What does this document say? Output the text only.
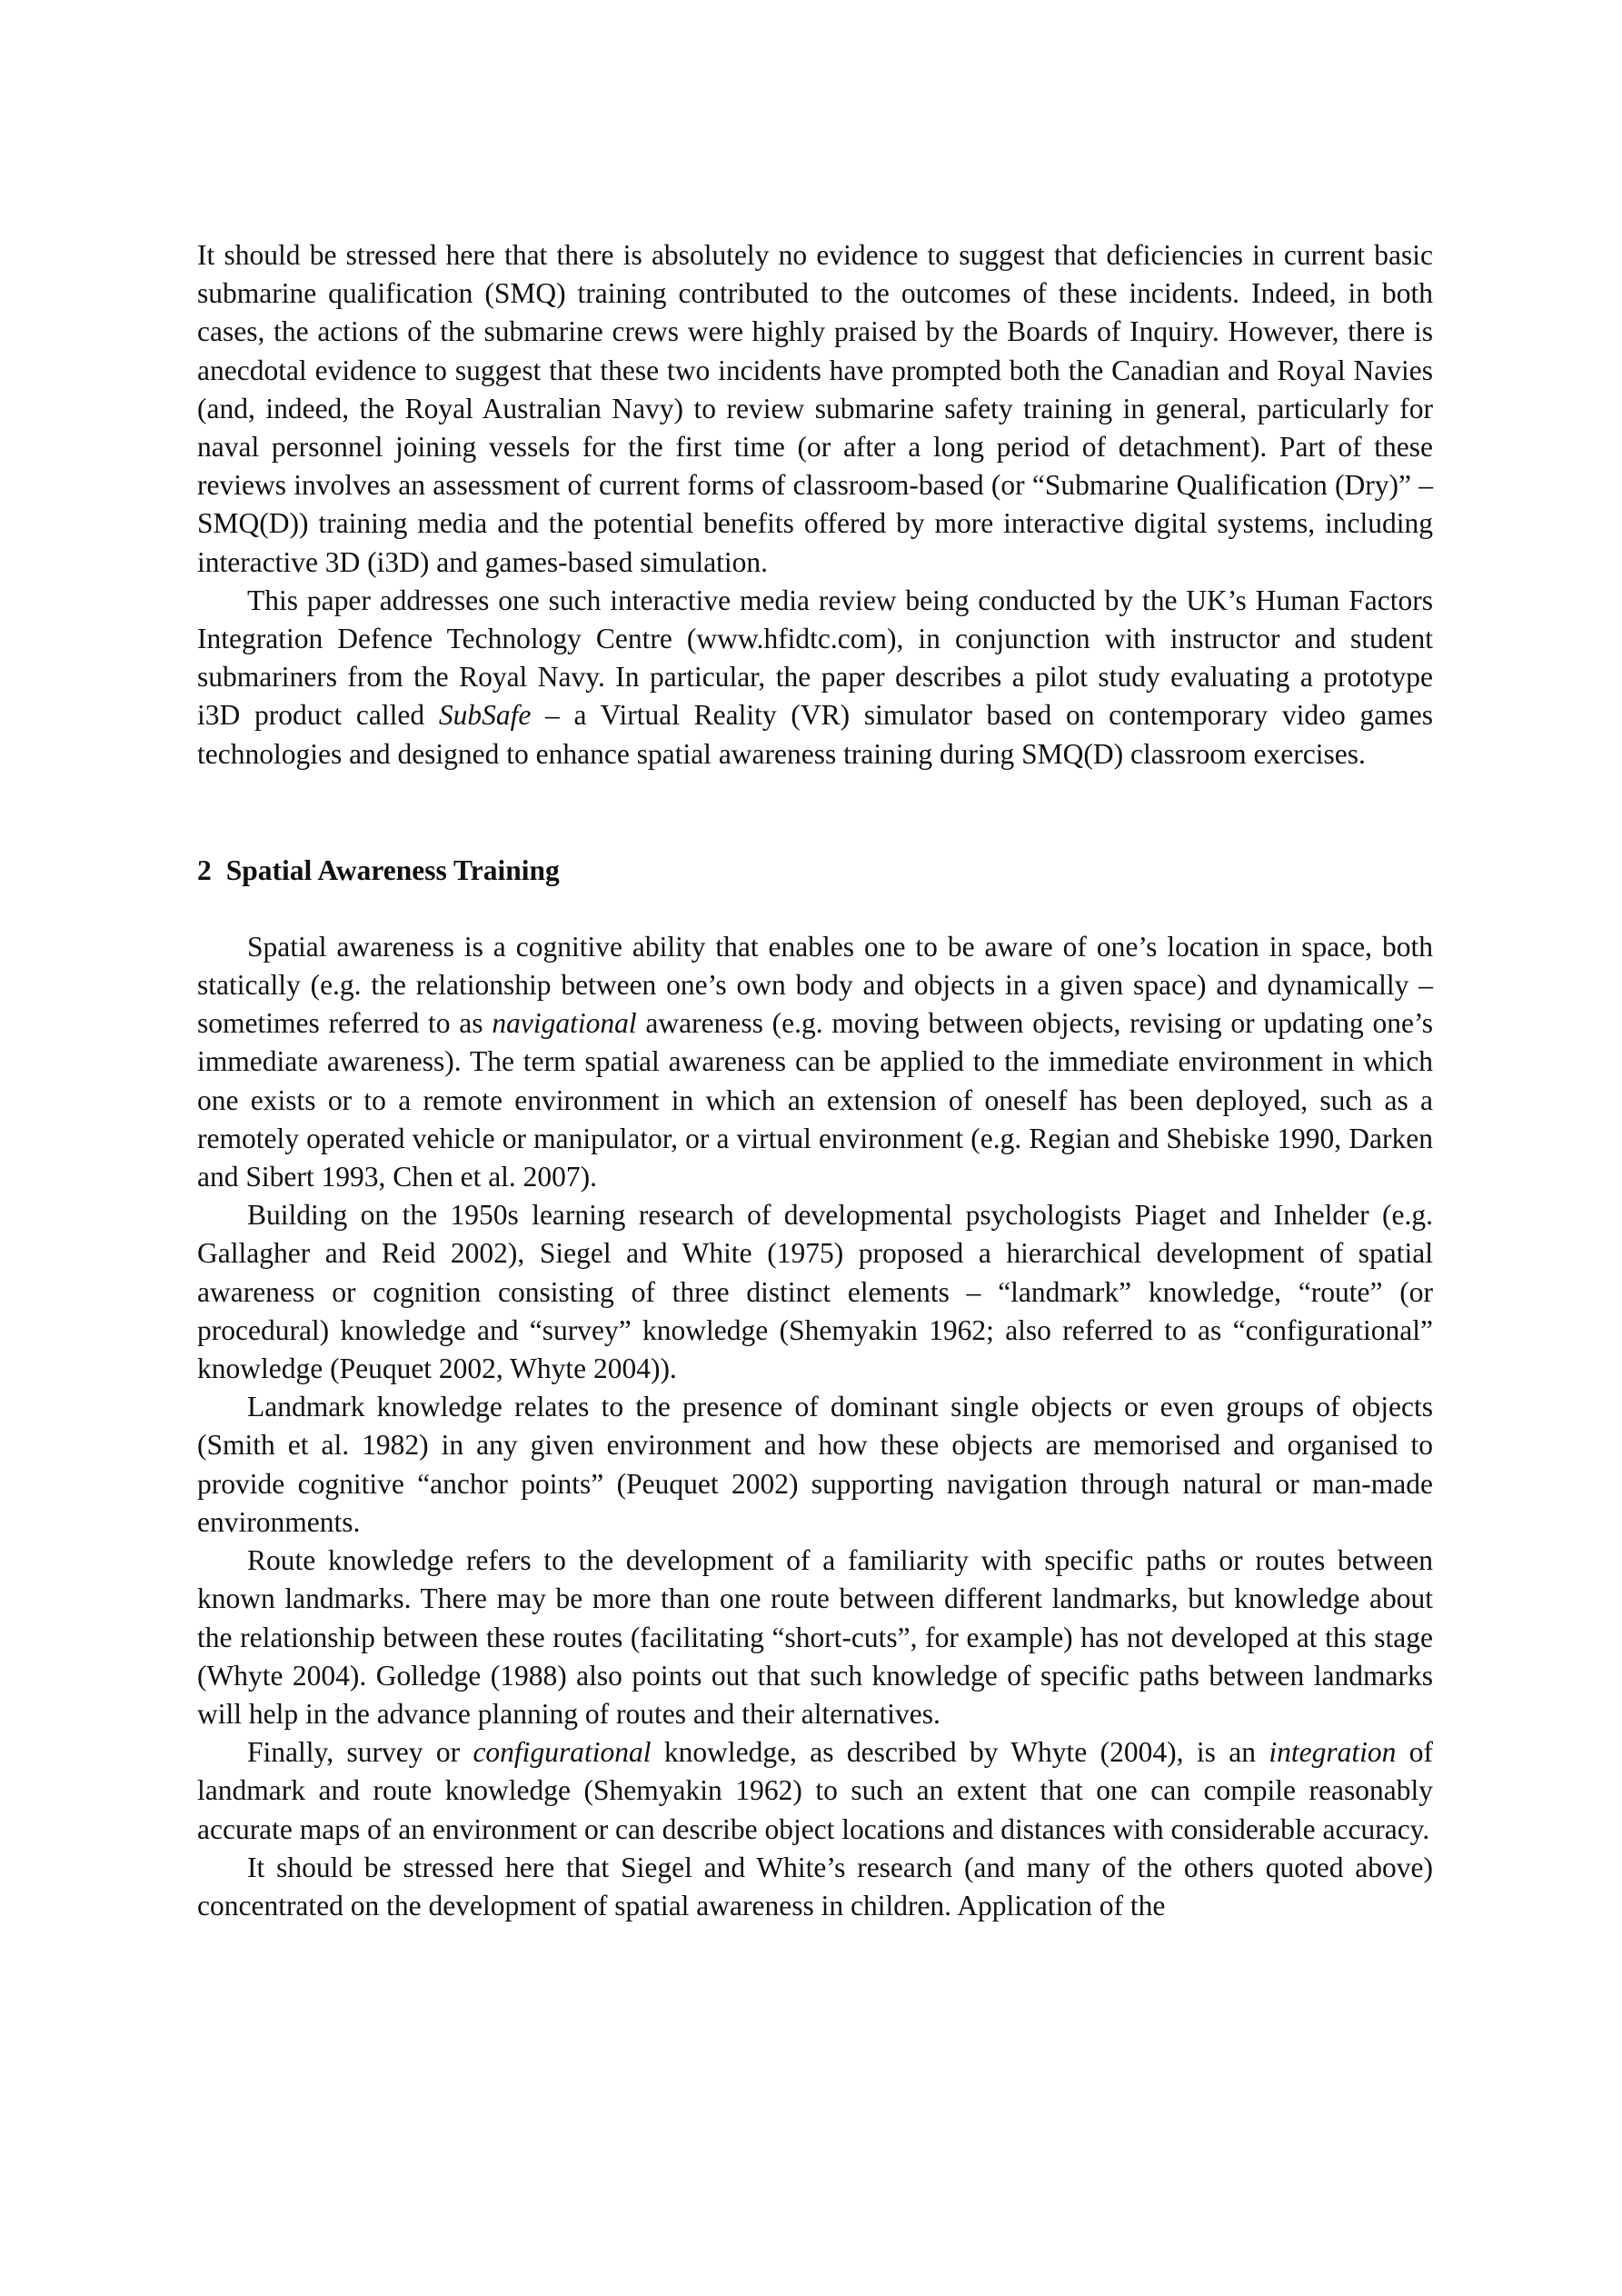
It should be stressed here that there is absolutely no evidence to suggest that deficiencies in current basic submarine qualification (SMQ) training contributed to the outcomes of these incidents. Indeed, in both cases, the actions of the submarine crews were highly praised by the Boards of Inquiry. However, there is anecdotal evidence to suggest that these two incidents have prompted both the Canadian and Royal Navies (and, indeed, the Royal Australian Navy) to review submarine safety training in general, particularly for naval personnel joining vessels for the first time (or after a long period of detachment). Part of these reviews involves an assessment of current forms of classroom-based (or “Submarine Qualification (Dry)” – SMQ(D)) training media and the potential benefits offered by more interactive digital systems, including interactive 3D (i3D) and games-based simulation.

This paper addresses one such interactive media review being conducted by the UK’s Human Factors Integration Defence Technology Centre (www.hfidtc.com), in conjunction with instructor and student submariners from the Royal Navy. In particular, the paper describes a pilot study evaluating a prototype i3D product called SubSafe – a Virtual Reality (VR) simulator based on contemporary video games technologies and designed to enhance spatial awareness training during SMQ(D) classroom exercises.

2 Spatial Awareness Training

Spatial awareness is a cognitive ability that enables one to be aware of one’s location in space, both statically (e.g. the relationship between one’s own body and objects in a given space) and dynamically – sometimes referred to as navigational awareness (e.g. moving between objects, revising or updating one’s immediate awareness). The term spatial awareness can be applied to the immediate environment in which one exists or to a remote environment in which an extension of oneself has been deployed, such as a remotely operated vehicle or manipulator, or a virtual environment (e.g. Regian and Shebiske 1990, Darken and Sibert 1993, Chen et al. 2007).

Building on the 1950s learning research of developmental psychologists Piaget and Inhelder (e.g. Gallagher and Reid 2002), Siegel and White (1975) proposed a hierarchical development of spatial awareness or cognition consisting of three distinct elements – “landmark” knowledge, “route” (or procedural) knowledge and “survey” knowledge (Shemyakin 1962; also referred to as “configurational” knowledge (Peuquet 2002, Whyte 2004)).

Landmark knowledge relates to the presence of dominant single objects or even groups of objects (Smith et al. 1982) in any given environment and how these objects are memorised and organised to provide cognitive “anchor points” (Peuquet 2002) supporting navigation through natural or man-made environments.

Route knowledge refers to the development of a familiarity with specific paths or routes between known landmarks. There may be more than one route between different landmarks, but knowledge about the relationship between these routes (facilitating “short-cuts”, for example) has not developed at this stage (Whyte 2004). Golledge (1988) also points out that such knowledge of specific paths between landmarks will help in the advance planning of routes and their alternatives.

Finally, survey or configurational knowledge, as described by Whyte (2004), is an integration of landmark and route knowledge (Shemyakin 1962) to such an extent that one can compile reasonably accurate maps of an environment or can describe object locations and distances with considerable accuracy.

It should be stressed here that Siegel and White’s research (and many of the others quoted above) concentrated on the development of spatial awareness in children. Application of the
